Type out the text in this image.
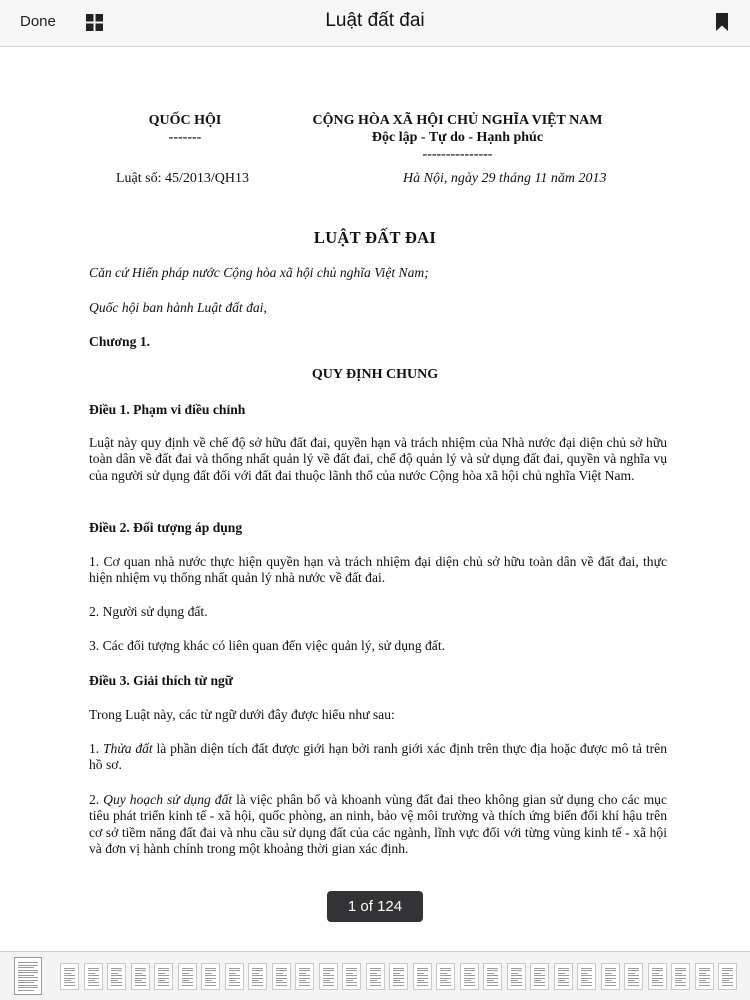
Done	Luật đất đai
QUỐC HỘI
-------
CỘNG HÒA XÃ HỘI CHỦ NGHĨA VIỆT NAM
Độc lập - Tự do - Hạnh phúc
---------------
Luật số: 45/2013/QH13	Hà Nội, ngày 29 tháng 11 năm 2013
LUẬT ĐẤT ĐAI

Căn cứ Hiến pháp nước Cộng hòa xã hội chủ nghĩa Việt Nam;

Quốc hội ban hành Luật đất đai,

Chương 1.

QUY ĐỊNH CHUNG

Điều 1. Phạm vi điều chỉnh

Luật này quy định về chế độ sở hữu đất đai, quyền hạn và trách nhiệm của Nhà nước đại diện chủ sở hữu toàn dân về đất đai và thống nhất quản lý về đất đai, chế độ quản lý và sử dụng đất đai, quyền và nghĩa vụ của người sử dụng đất đối với đất đai thuộc lãnh thổ của nước Cộng hòa xã hội chủ nghĩa Việt Nam.

Điều 2. Đối tượng áp dụng

1. Cơ quan nhà nước thực hiện quyền hạn và trách nhiệm đại diện chủ sở hữu toàn dân về đất đai, thực hiện nhiệm vụ thống nhất quản lý nhà nước về đất đai.

2. Người sử dụng đất.

3. Các đối tượng khác có liên quan đến việc quản lý, sử dụng đất.

Điều 3. Giải thích từ ngữ

Trong Luật này, các từ ngữ dưới đây được hiểu như sau:

1. Thửa đất là phần diện tích đất được giới hạn bởi ranh giới xác định trên thực địa hoặc được mô tả trên hồ sơ.

2. Quy hoạch sử dụng đất là việc phân bổ và khoanh vùng đất đai theo không gian sử dụng cho các mục tiêu phát triển kinh tế - xã hội, quốc phòng, an ninh, bảo vệ môi trường và thích ứng biến đổi khí hậu trên cơ sở tiềm năng đất đai và nhu cầu sử dụng đất của các ngành, lĩnh vực đối với từng vùng kinh tế - xã hội và đơn vị hành chính trong một khoảng thời gian xác định.

1 of 124
